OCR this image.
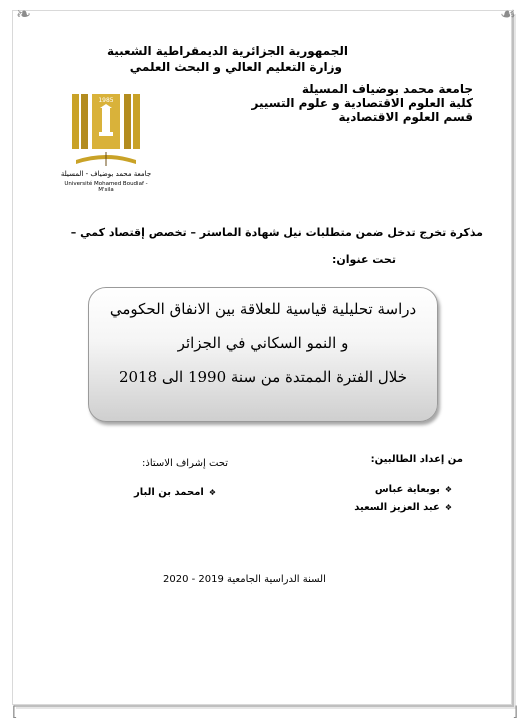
❧	☙
⌊	⌋
الجمهورية الجزائرية الديمقراطية الشعبية
وزارة التعليم العالي و البحث العلمي
جامعة محمد بوضياف المسيلة
كلية العلوم الاقتصادية و علوم التسيير
قسم العلوم الاقتصادية
1985
جامعة محمد بوضياف - المسيلة
Université Mohamed Boudiaf - M'sila
مذكرة تخرج تدخل ضمن متطلبات نيل شهادة الماستر – تخصص إقتصاد كمي –
تحت عنوان:
دراسة تحليلية قياسية للعلاقة بين الانفاق الحكومي
و النمو السكاني في الجزائر
خلال الفترة الممتدة من سنة 1990 الى 2018
من إعداد الطالبين:
تحت إشراف الاستاذ:
❖بوبعاية عباس
❖عبد العزيز السعيد
❖امحمد بن البار
السنة الدراسية الجامعية 2019 - 2020
